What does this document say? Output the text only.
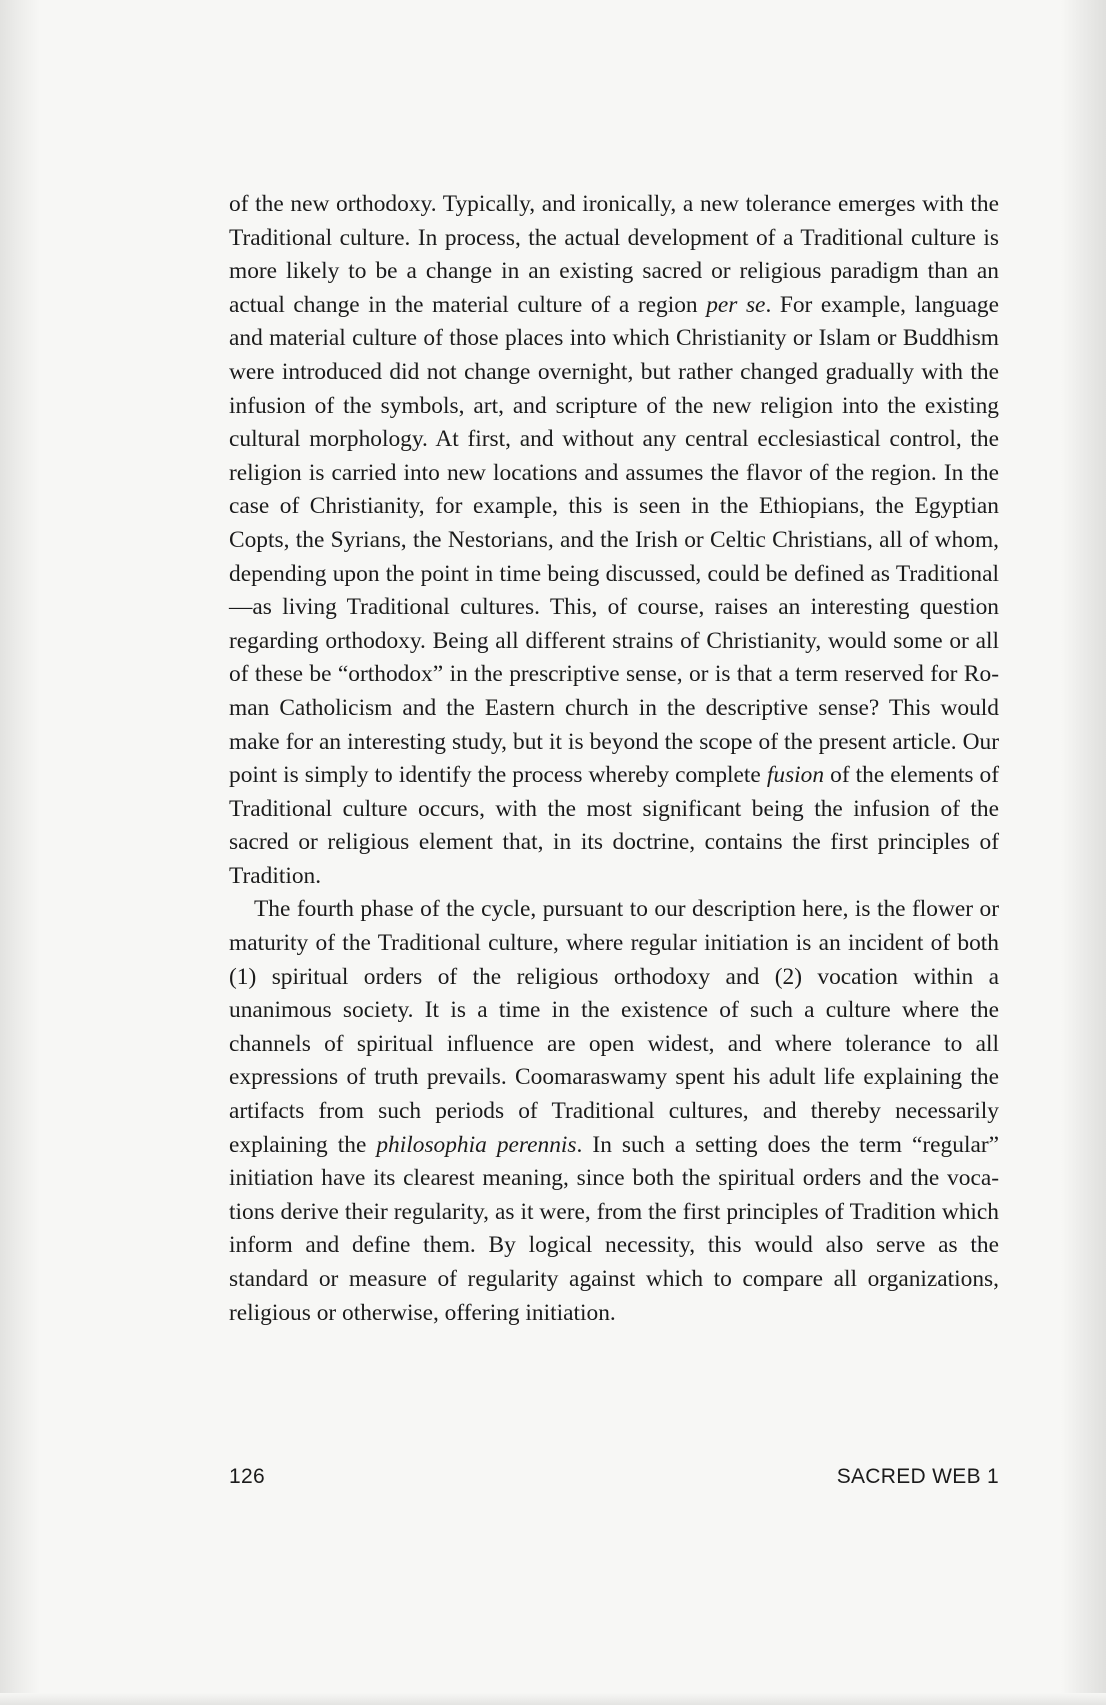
of the new orthodoxy. Typically, and ironically, a new tolerance emerges with the Traditional culture. In process, the actual development of a Traditional culture is more likely to be a change in an existing sacred or religious paradigm than an actual change in the material culture of a region per se. For example, language and material culture of those places into which Christianity or Islam or Buddhism were introduced did not change overnight, but rather changed gradually with the infusion of the symbols, art, and scripture of the new religion into the existing cultural morphology. At first, and without any central ecclesiastical control, the religion is carried into new locations and assumes the flavor of the region. In the case of Christianity, for example, this is seen in the Ethiopians, the Egyptian Copts, the Syrians, the Nestorians, and the Irish or Celtic Christians, all of whom, depending upon the point in time being discussed, could be defined as Traditional—as living Traditional cultures. This, of course, raises an interesting question regarding orthodoxy. Being all different strains of Christianity, would some or all of these be “orthodox” in the prescriptive sense, or is that a term reserved for Roman Catholicism and the Eastern church in the descriptive sense? This would make for an interesting study, but it is beyond the scope of the present article. Our point is simply to identify the process whereby complete fusion of the elements of Traditional culture occurs, with the most significant being the infusion of the sacred or religious element that, in its doctrine, contains the first principles of Tradition.

The fourth phase of the cycle, pursuant to our description here, is the flower or maturity of the Traditional culture, where regular initiation is an incident of both (1) spiritual orders of the religious orthodoxy and (2) vocation within a unanimous society. It is a time in the existence of such a culture where the channels of spiritual influence are open widest, and where tolerance to all expressions of truth prevails. Coomaraswamy spent his adult life explaining the artifacts from such periods of Traditional cultures, and thereby necessarily explaining the philosophia perennis. In such a setting does the term “regular” initiation have its clearest meaning, since both the spiritual orders and the vocations derive their regularity, as it were, from the first principles of Tradition which inform and define them. By logical necessity, this would also serve as the standard or measure of regularity against which to compare all organizations, religious or otherwise, offering initiation.

126	SACRED WEB 1
